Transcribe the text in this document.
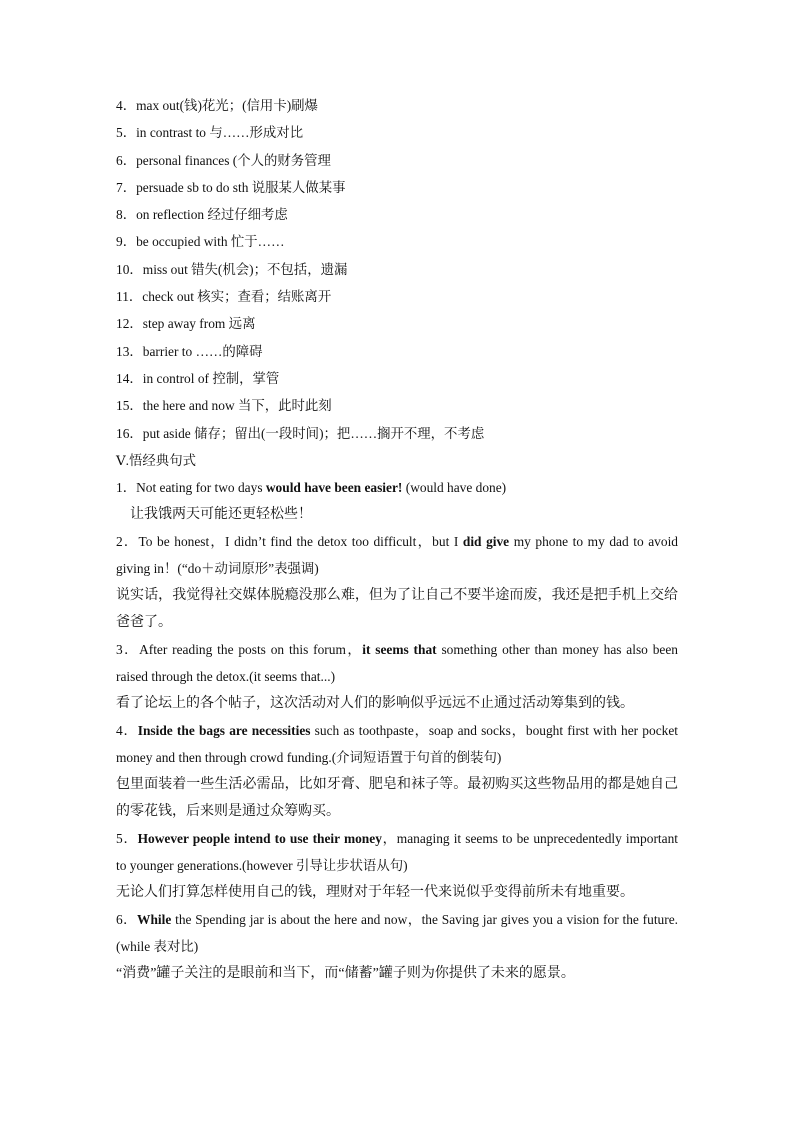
4．max out(钱)花光；(信用卡)刷爆
5．in contrast to 与……形成对比
6．personal finances (个人的财务管理
7．persuade sb to do sth 说服某人做某事
8．on reflection 经过仔细考虑
9．be occupied with 忙于……
10．miss out 错失(机会)；不包括，遗漏
11．check out 核实；查看；结账离开
12．step away from 远离
13．barrier to ……的障碍
14．in control of 控制，掌管
15．the here and now 当下，此时此刻
16．put aside 储存；留出(一段时间)；把……搁开不理，不考虑
Ⅴ.悟经典句式
1．Not eating for two days would have been easier! (would have done)
让我饿两天可能还更轻松些！
2．To be honest，I didn’t find the detox too difficult，but I did give my phone to my dad to avoid giving in！(“do＋动词原形”表强调)
说实话，我觉得社交媒体脱瘾没那么难，但为了让自己不要半途而废，我还是把手机上交给爸爸了。
3．After reading the posts on this forum，it seems that something other than money has also been raised through the detox.(it seems that...)
看了论坛上的各个帖子，这次活动对人们的影响似乎远远不止通过活动筹集到的钱。
4．Inside the bags are necessities such as toothpaste，soap and socks，bought first with her pocket money and then through crowd funding.(介词短语置于句首的倒装句)
包里面装着一些生活必需品，比如牙膏、肥皂和袜子等。最初购买这些物品用的都是她自己的零花钱，后来则是通过众筹购买。
5．However people intend to use their money，managing it seems to be unprecedentedly important to younger generations.(however 引导让步状语从句)
无论人们打算怎样使用自己的钱，理财对于年轻一代来说似乎变得前所未有地重要。
6．While the Spending jar is about the here and now，the Saving jar gives you a vision for the future.(while 表对比)
“消费”罐子关注的是眼前和当下，而“储蓄”罐子则为你提供了未来的愿景。
